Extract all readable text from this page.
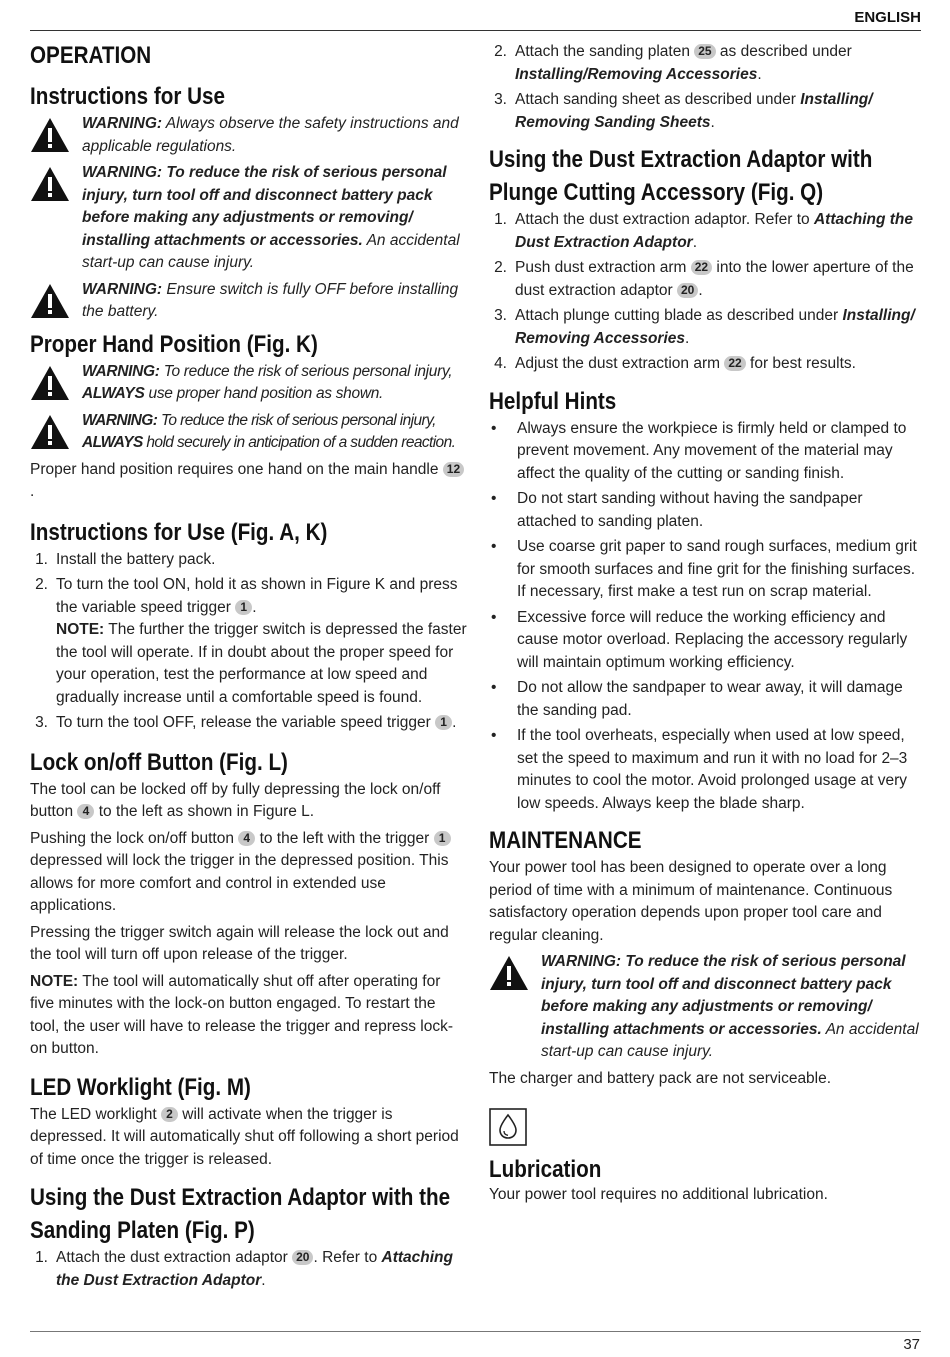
ENGLISH
OPERATION
Instructions for Use
WARNING: Always observe the safety instructions and applicable regulations.
WARNING: To reduce the risk of serious personal injury, turn tool off and disconnect battery pack before making any adjustments or removing/ installing attachments or accessories. An accidental start-up can cause injury.
WARNING: Ensure switch is fully OFF before installing the battery.
Proper Hand Position (Fig. K)
WARNING: To reduce the risk of serious personal injury, ALWAYS use proper hand position as shown.
WARNING: To reduce the risk of serious personal injury, ALWAYS hold securely in anticipation of a sudden reaction.

Proper hand position requires one hand on the main handle 12.

Instructions for Use (Fig. A, K)
1. Install the battery pack.
2. To turn the tool ON, hold it as shown in Figure K and press the variable speed trigger 1 .
NOTE: The further the trigger switch is depressed the faster the tool will operate. If in doubt about the proper speed for your operation, test the performance at low speed and gradually increase until a comfortable speed is found.
3. To turn the tool OFF, release the variable speed trigger 1 .
Lock on/off Button (Fig. L)

The tool can be locked off by fully depressing the lock on/off button 4 to the left as shown in Figure L.

Pushing the lock on/off button 4 to the left with the trigger 1 depressed will lock the trigger in the depressed position. This allows for more comfort and control in extended use applications.

Pressing the trigger switch again will release the lock out and the tool will turn off upon release of the trigger.

NOTE: The tool will automatically shut off after operating for five minutes with the lock-on button engaged. To restart the tool, the user will have to release the trigger and repress lock-on button.

LED Worklight (Fig. M)

The LED worklight 2 will activate when the trigger is depressed. It will automatically shut off following a short period of time once the trigger is released.

Using the Dust Extraction Adaptor with the Sanding Platen (Fig. P)
1. Attach the dust extraction adaptor 20 . Refer to Attaching the Dust Extraction Adaptor.
2. Attach the sanding platen 25 as described under Installing/Removing Accessories.
3. Attach sanding sheet as described under Installing/ Removing Sanding Sheets.
Using the Dust Extraction Adaptor with Plunge Cutting Accessory (Fig. Q)
1. Attach the dust extraction adaptor. Refer to Attaching the Dust Extraction Adaptor.
2. Push dust extraction arm 22 into the lower aperture of the dust extraction adaptor 20 .
3. Attach plunge cutting blade as described under Installing/ Removing Accessories.
4. Adjust the dust extraction arm 22 for best results.
Helpful Hints
•	Always ensure the workpiece is firmly held or clamped to prevent movement. Any movement of the material may affect the quality of the cutting or sanding finish.
•	Do not start sanding without having the sandpaper attached to sanding platen.
•	Use coarse grit paper to sand rough surfaces, medium grit for smooth surfaces and fine grit for the finishing surfaces. If necessary, first make a test run on scrap material.
•	Excessive force will reduce the working efficiency and cause motor overload. Replacing the accessory regularly will maintain optimum working efficiency.
•	Do not allow the sandpaper to wear away, it will damage the sanding pad.
•	If the tool overheats, especially when used at low speed, set the speed to maximum and run it with no load for 2–3 minutes to cool the motor. Avoid prolonged usage at very low speeds. Always keep the blade sharp.
MAINTENANCE

Your power tool has been designed to operate over a long period of time with a minimum of maintenance. Continuous satisfactory operation depends upon proper tool care and regular cleaning.

WARNING: To reduce the risk of serious personal injury, turn tool off and disconnect battery pack before making any adjustments or removing/ installing attachments or accessories. An accidental start-up can cause injury.

The charger and battery pack are not serviceable.

Lubrication

Your power tool requires no additional lubrication.

37
